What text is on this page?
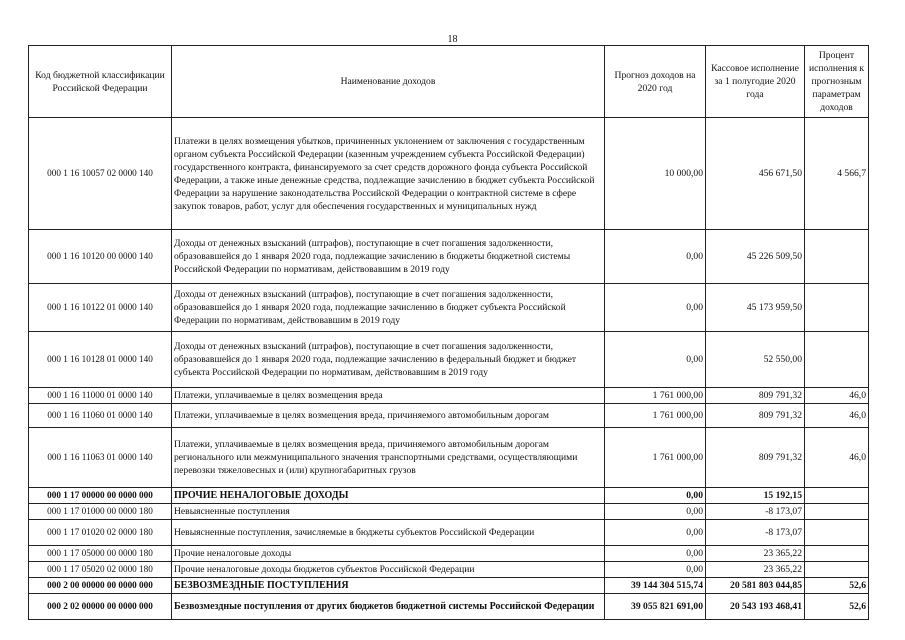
18
Код бюджетной классификации Российской Федерации	Наименование доходов	Прогноз доходов на 2020 год	Кассовое исполнение за 1 полугодие 2020 года	Процент исполнения к прогнозным параметрам доходов
000 1 16 10057 02 0000 140	Платежи в целях возмещения убытков, причиненных уклонением от заключения с государственным органом субъекта Российской Федерации (казенным учреждением субъекта Российской Федерации) государственного контракта, финансируемого за счет средств дорожного фонда субъекта Российской Федерации, а также иные денежные средства, подлежащие зачислению в бюджет субъекта Российской Федерации за нарушение законодательства Российской Федерации о контрактной системе в сфере закупок товаров, работ, услуг для обеспечения государственных и муниципальных нужд	10 000,00	456 671,50	4 566,7
000 1 16 10120 00 0000 140	Доходы от денежных взысканий (штрафов), поступающие в счет погашения задолженности, образовавшейся до 1 января 2020 года, подлежащие зачислению в бюджеты бюджетной системы Российской Федерации по нормативам, действовавшим в 2019 году	0,00	45 226 509,50	
000 1 16 10122 01 0000 140	Доходы от денежных взысканий (штрафов), поступающие в счет погашения задолженности, образовавшейся до 1 января 2020 года, подлежащие зачислению в бюджет субъекта Российской Федерации по нормативам, действовавшим в 2019 году	0,00	45 173 959,50	
000 1 16 10128 01 0000 140	Доходы от денежных взысканий (штрафов), поступающие в счет погашения задолженности, образовавшейся до 1 января 2020 года, подлежащие зачислению в федеральный бюджет и бюджет субъекта Российской Федерации по нормативам, действовавшим в 2019 году	0,00	52 550,00	
000 1 16 11000 01 0000 140	Платежи, уплачиваемые в целях возмещения вреда	1 761 000,00	809 791,32	46,0
000 1 16 11060 01 0000 140	Платежи, уплачиваемые в целях возмещения вреда, причиняемого автомобильным дорогам	1 761 000,00	809 791,32	46,0
000 1 16 11063 01 0000 140	Платежи, уплачиваемые в целях возмещения вреда, причиняемого автомобильным дорогам регионального или межмуниципального значения транспортными средствами, осуществляющими перевозки тяжеловесных и (или) крупногабаритных грузов	1 761 000,00	809 791,32	46,0
000 1 17 00000 00 0000 000	ПРОЧИЕ НЕНАЛОГОВЫЕ ДОХОДЫ	0,00	15 192,15	
000 1 17 01000 00 0000 180	Невыясненные поступления	0,00	-8 173,07	
000 1 17 01020 02 0000 180	Невыясненные поступления, зачисляемые в бюджеты субъектов Российской Федерации	0,00	-8 173,07	
000 1 17 05000 00 0000 180	Прочие неналоговые доходы	0,00	23 365,22	
000 1 17 05020 02 0000 180	Прочие неналоговые доходы бюджетов субъектов Российской Федерации	0,00	23 365,22	
000 2 00 00000 00 0000 000	БЕЗВОЗМЕЗДНЫЕ ПОСТУПЛЕНИЯ	39 144 304 515,74	20 581 803 044,85	52,6
000 2 02 00000 00 0000 000	Безвозмездные поступления от других бюджетов бюджетной системы Российской Федерации	39 055 821 691,00	20 543 193 468,41	52,6
